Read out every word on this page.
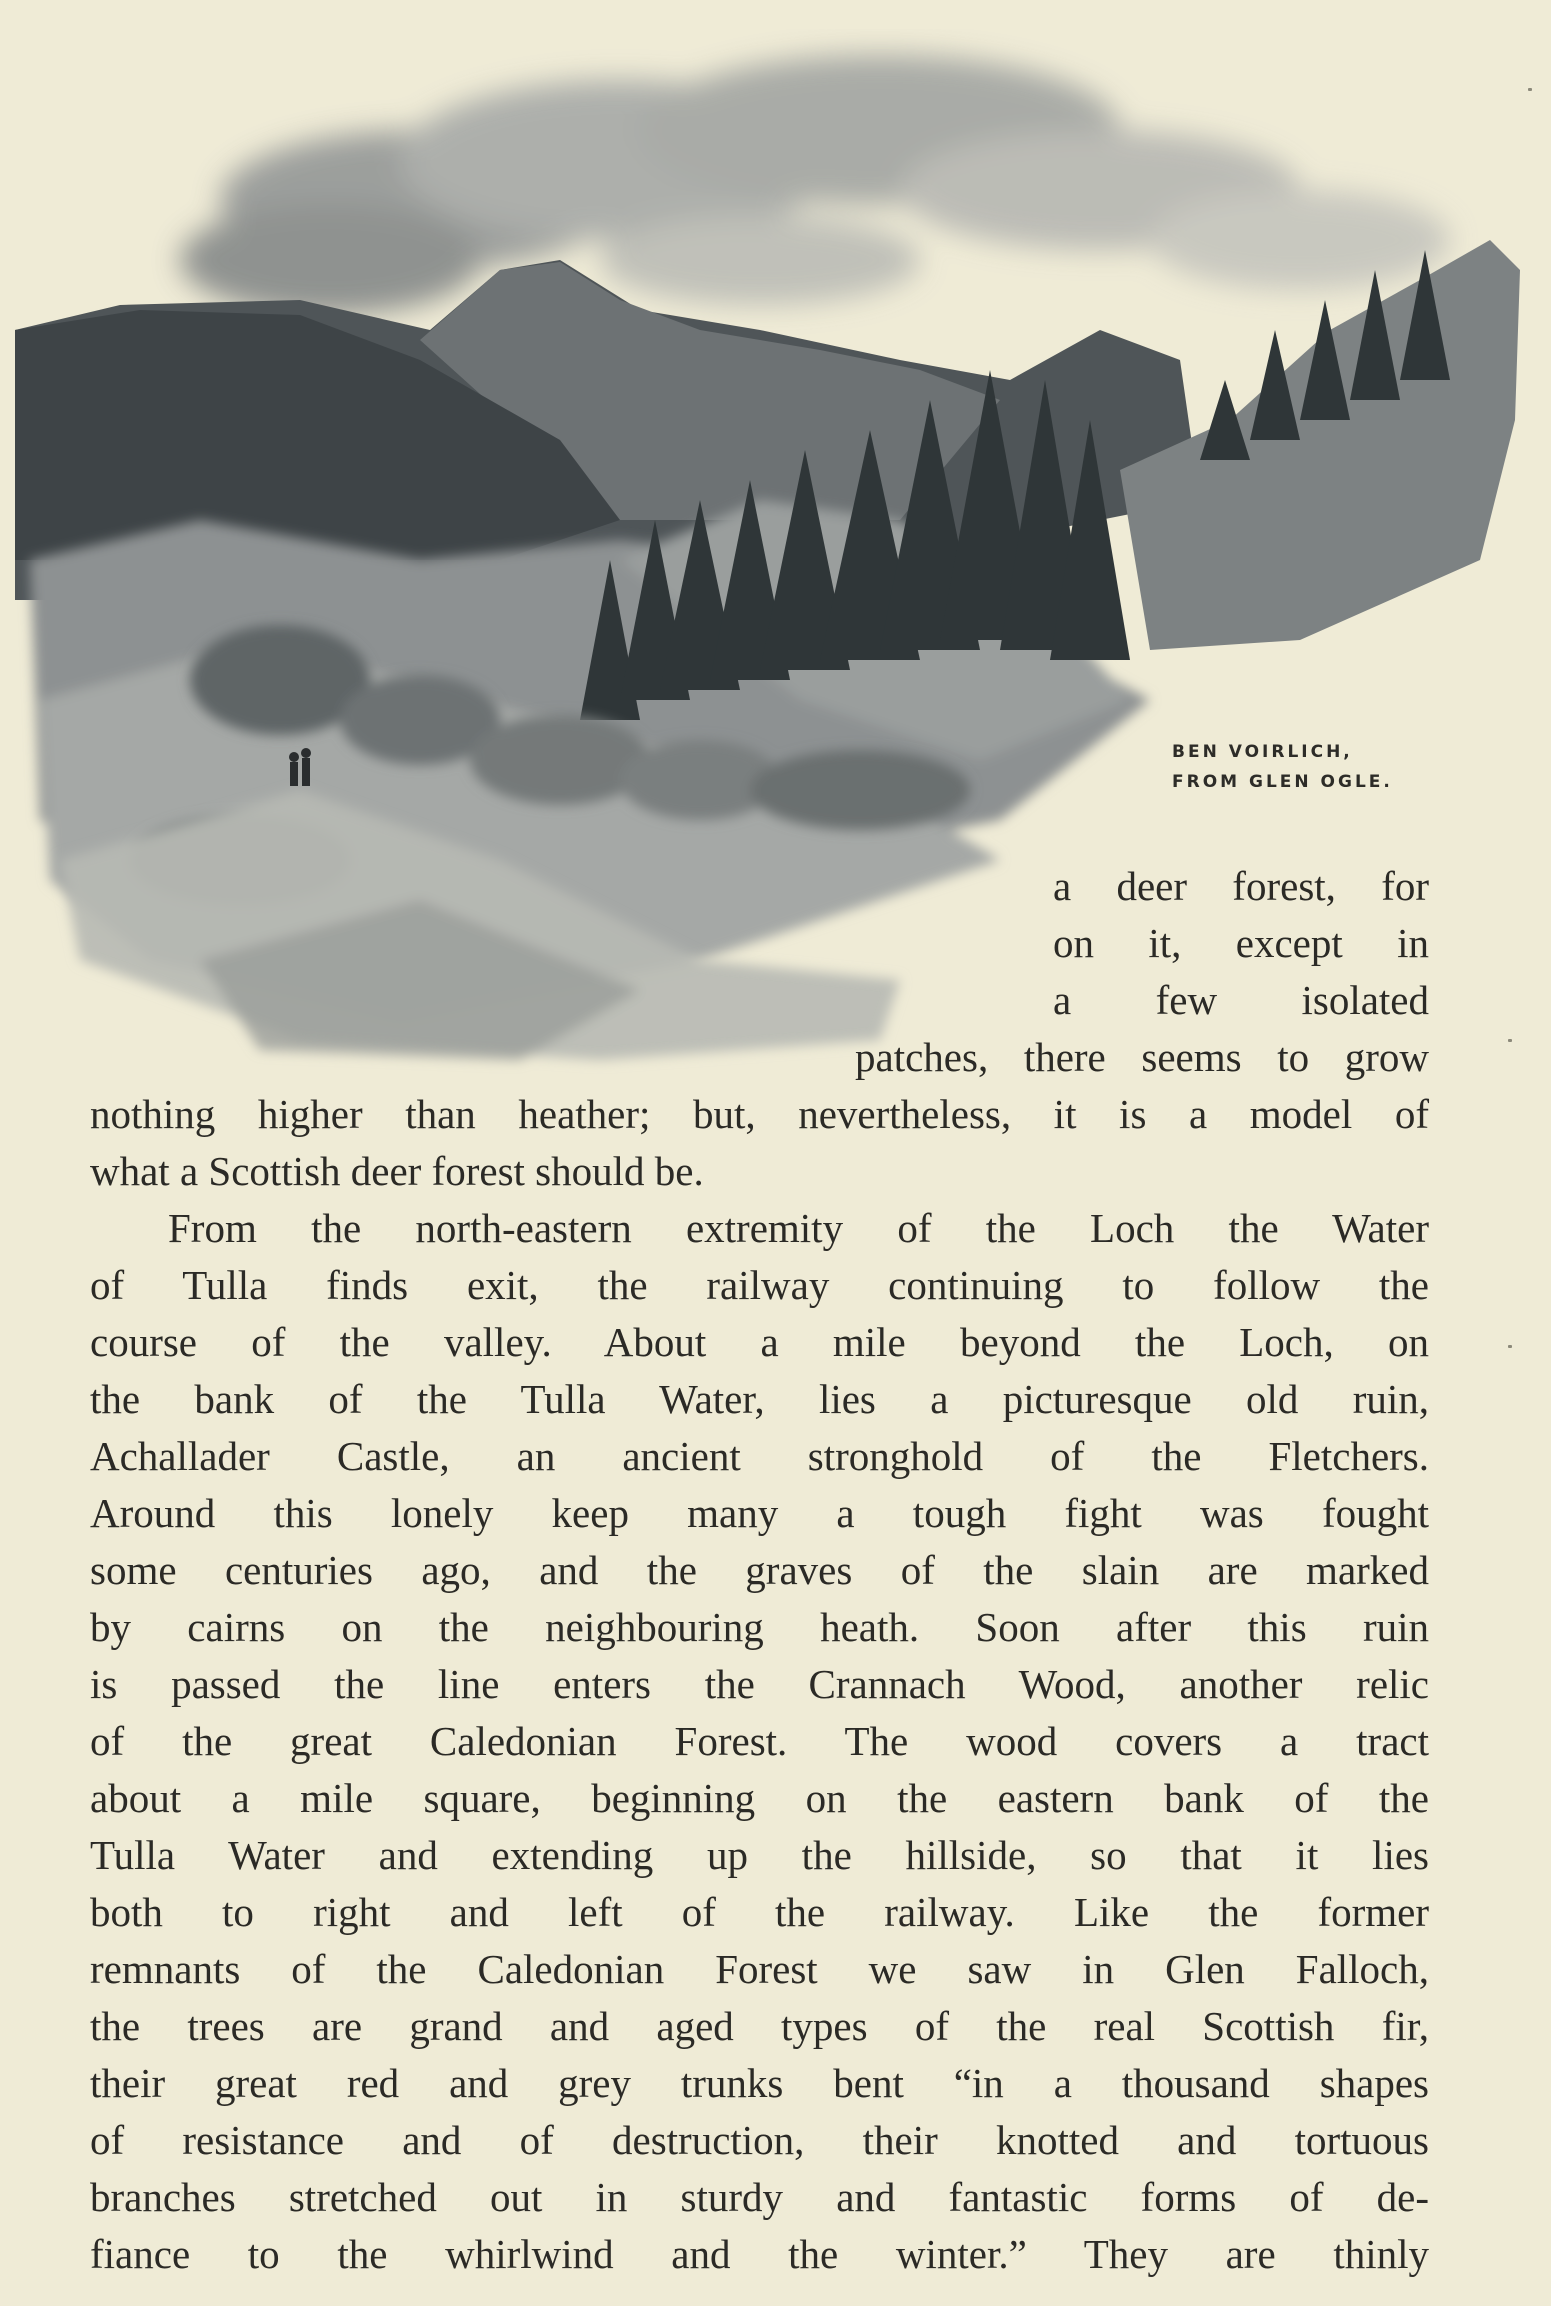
BEN VOIRLICH,
FROM GLEN OGLE.
a deer forest, for
on it, except in
a few isolated
patches, there seems to grow
nothing higher than heather; but, nevertheless, it is a model of
what a Scottish deer forest should be.
From the north-eastern extremity of the Loch the Water
of Tulla finds exit, the railway continuing to follow the
course of the valley. About a mile beyond the Loch, on
the bank of the Tulla Water, lies a picturesque old ruin,
Achallader Castle, an ancient stronghold of the Fletchers.
Around this lonely keep many a tough fight was fought
some centuries ago, and the graves of the slain are marked
by cairns on the neighbouring heath. Soon after this ruin
is passed the line enters the Crannach Wood, another relic
of the great Caledonian Forest. The wood covers a tract
about a mile square, beginning on the eastern bank of the
Tulla Water and extending up the hillside, so that it lies
both to right and left of the railway. Like the former
remnants of the Caledonian Forest we saw in Glen Falloch,
the trees are grand and aged types of the real Scottish fir,
their great red and grey trunks bent “in a thousand shapes
of resistance and of destruction, their knotted and tortuous
branches stretched out in sturdy and fantastic forms of de-
fiance to the whirlwind and the winter.” They are thinly
